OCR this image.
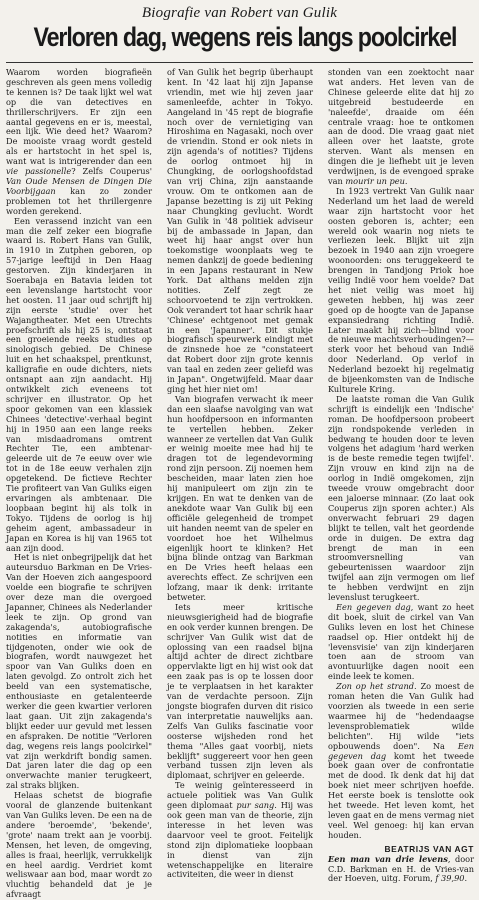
Biografie van Robert van Gulik
Verloren dag, wegens reis langs poolcirkel

Waarom worden biografieën geschreven als geen mens volledig te kennen is? De taak lijkt wel wat op die van detectives en thrillerschrijvers. Er zijn een aantal gegevens en er is, meestal, een lijk. Wie deed het? Waarom? De mooiste vraag wordt gesteld als er hartstocht in het spel is, want wat is intrigerender dan een vie passionelle? Zelfs Couperus' Van Oude Mensen de Dingen Die Voorbijgaan kan zo zonder problemen tot het thrillergenre worden gerekend.

Een verassend inzicht van een man die zelf zeker een biografie waard is. Robert Hans van Gulik, in 1910 in Zutphen geboren, op 57-jarige leeftijd in Den Haag gestorven. Zijn kinderjaren in Soerabaja en Batavia leiden tot een levenslange hartstocht voor het oosten. 11 jaar oud schrijft hij zijn eerste 'studie' over het Wajangtheater. Met een Utrechts proefschrift als hij 25 is, ontstaat een groeiende reeks studies op sinologisch gebied. De Chinese luit en het schaakspel, prentkunst, kalligrafie en oude dichters, niets ontsnapt aan zijn aandacht. Hij ontwikkelt zich eveneens tot schrijver en illustrator. Op het spoor gekomen van een klassiek Chinees 'detective'-verhaal begint hij in 1950 aan een lange reeks van misdaadromans omtrent Rechter Tie, een ambtenar-geleerde uit de 7e eeuw over wie tot in de 18e eeuw verhalen zijn opgetekend. De fictieve Rechter Tie profiteert van Van Guliks eigen ervaringen als ambtenaar. Die loopbaan begint hij als tolk in Tokyo. Tijdens de oorlog is hij geheim agent, ambassadeur in Japan en Korea is hij van 1965 tot aan zijn dood.

Het is niet onbegrijpelijk dat het auteursduo Barkman en De Vries-Van der Hoeven zich aangespoord voelde een biografie te schrijven over deze man die overgoed Japanner, Chinees als Nederlander leek te zijn. Op grond van zakagenda's, autobiografische notities en informatie van tijdgenoten, onder wie ook de biografen, wordt nauwgezet het spoor van Van Guliks doen en laten gevolgd. Zo ontrolt zich het beeld van een systematische, enthousiaste en getalenteerde werker die geen kwartier verloren laat gaan. Uit zijn zakagenda's blijkt eeder uur gevuld met lessen en afspraken. De notitie "Verloren dag, wegens reis langs poolcirkel" vat zijn werkdrift bondig samen. Dat jaren later die dag op een onverwachte manier terugkeert, zal straks blijken.

Helaas schetst de biografie vooral de glanzende buitenkant van Van Guliks leven. De een na de andere 'beroemde', 'bekende', 'grote' naam trekt aan je voorbij. Mensen, het leven, de omgeving, alles is fraai, heerlijk, verrukkelijk en heel aardig. Verdriet komt weliswaar aan bod, maar wordt zo vluchtig behandeld dat je je afvraagt

of Van Gulik het begrip überhaupt kent. In '42 laat hij zijn Japanse vriendin, met wie hij zeven jaar samenleefde, achter in Tokyo. Aangeland in '45 rept de biografie noch over de vernietiging van Hiroshima en Nagasaki, noch over de vriendin. Stond er ook niets in zijn agenda's of notities? Tijdens de oorlog ontmoet hij in Chungking, de oorlogshoofdstad van vrij China, zijn aanstaande vrouw. Om te ontkomen aan de Japanse bezetting is zij uit Peking naar Chungking gevlucht. Wordt Van Gulik in '48 politiek adviseur bij de ambassade in Japan, dan weet hij haar angst over hun toekomstige woonplaats weg te nemen dankzij de goede bediening in een Japans restaurant in New York. Dat althans melden zijn notities. Zelf zegt ze schoorvoetend te zijn vertrokken. Ook verandert tot haar schrik haar 'Chinese' echtgenoot met gemak in een 'Japanner'. Dit stukje biografisch speurwerk eindigt met de zinsnede hoe ze "constateert dat Robert door zijn grote kennis van taal en zeden zeer geliefd was in Japan". Ongetwijfeld. Maar daar ging het hier niet om!

Van biografen verwacht ik meer dan een slaafse navolging van wat hun hoofdpersoon en informanten te vertellen hebben. Zeker wanneer ze vertellen dat Van Gulik er weinig moeite mee had hij te dragen tot de legendevorming rond zijn persoon. Zij noemen hem bescheiden, maar laten zien hoe hij manipuleert om zijn zin te krijgen. En wat te denken van de anekdote waar Van Gulik bij een officiële gelegenheid de trompet uit handen neemt van de speler en voordoet hoe het Wilhelmus eigenlijk hoort te klinken? Het bijna blinde ontzag van Barkman en De Vries heeft helaas een averechts effect. Ze schrijven een lofzang, maar ik denk: irritante betweter.

Iets meer kritische nieuwsgierigheid had de biografie en ook verder kunnen brengen. De schrijver Van Gulik wist dat de oplossing van een raadsel bijna altijd achter de direct zichtbare oppervlakte ligt en hij wist ook dat een zaak pas is op te lossen door je te verplaatsen in het karakter van de verdachte persoon. Zijn jongste biografen durven dit risico van interpretatie nauwelijks aan. Zelfs Van Guliks fascinatie voor oosterse wijsheden rond het thema "Alles gaat voorbij, niets beklijft" suggereert voor hen geen verband tussen zijn leven als diplomaat, schrijver en geleerde.

Te weinig geïnteresseerd in actuele politiek was Van Gulik geen diplomaat pur sang. Hij was ook geen man van de theorie, zijn interesse in het leven was daarvoor veel te groot. Feitelijk stond zijn diplomatieke loopbaan in dienst van zijn wetenschappelijke en literaire activiteiten, die weer in dienst

stonden van een zoektocht naar wat anders. Het leven van de Chinese geleerde elite dat hij zo uitgebreid bestudeerde en 'naleefde', draaide om één centrale vraag: hoe te ontkomen aan de dood. Die vraag gaat niet alleen over het laatste, grote sterven. Want als mensen en dingen die je liefhebt uit je leven verdwijnen, is de evengoed sprake van mourir un peu.

In 1923 vertrekt Van Gulik naar Nederland um het laad de wereld waar zijn hartstocht voor het oosten geboren is, achter; een wereld ook waarin nog niets te verliezen leek. Blijkt uit zijn bezoek in 1940 aan zijn vroegere woonoorden: ons teruggekeerd te brengen in Tandjong Priok hoe veilig Indië voor hem voelde? Dat het niet veilig was moet hij geweten hebben, hij was zeer goed op de hoogte van de Japanse expansiedrang richting Indië. Later maakt hij zich—blind voor de nieuwe machtsverhoudingen?—sterk voor het behoud van Indië door Nederland. Op verlof in Nederland bezoekt hij regelmatig de bijeenkomsten van de Indische Kulturele Kring.

De laatste roman die Van Gulik schrijft is eindelijk een 'Indische' roman. De hoofdpersoon probeert zijn rondspokende verleden in bedwang te houden door te leven volgens het adagium 'hard werken is de beste remedie tegen twijfel'. Zijn vrouw en kind zijn na de oorlog in Indië omgekomen, zijn tweede vrouw omgebracht door een jaloerse minnaar. (Zo laat ook Couperus zijn sporen achter.) Als onverwacht februari 29 dagen blijkt te tellen, valt het geordende orde in duigen. De extra dag brengt de man in een stroomversnelling van gebeurtenissen waardoor zijn twijfel aan zijn vermogen om lief te hebben verdwijnt en zijn levenslust terugkeert.

Een gegeven dag, want zo heet dit boek, sluit de cirkel van Van Guliks leven en lost het Chinese raadsel op. Hier ontdekt hij de 'levensvisie' van zijn kinderjaren toen aan de stroom van avontuurlijke dagen nooit een einde leek te komen.

Zon op het strand. Zo moest de roman heten die Van Gulik had voorzien als tweede in een serie waarmee hij de "hedendaagse levensproblematiek wilde belichten". Hij wilde "iets opbouwends doen". Na Een gegeven dag komt het tweede boek gaan over de confrontatie met de dood. Ik denk dat hij dat boek niet meer schrijven hoefde. Het eerste boek is tenslotte ook het tweede. Het leven komt, het leven gaat en de mens vermag niet veel. Wel genoeg: hij kan ervan houden.

BEATRIJS VAN AGT

Een man van drie levens, door C.D. Barkman en H. de Vries-van der Hoeven, uitg. Forum, f 39,90.
